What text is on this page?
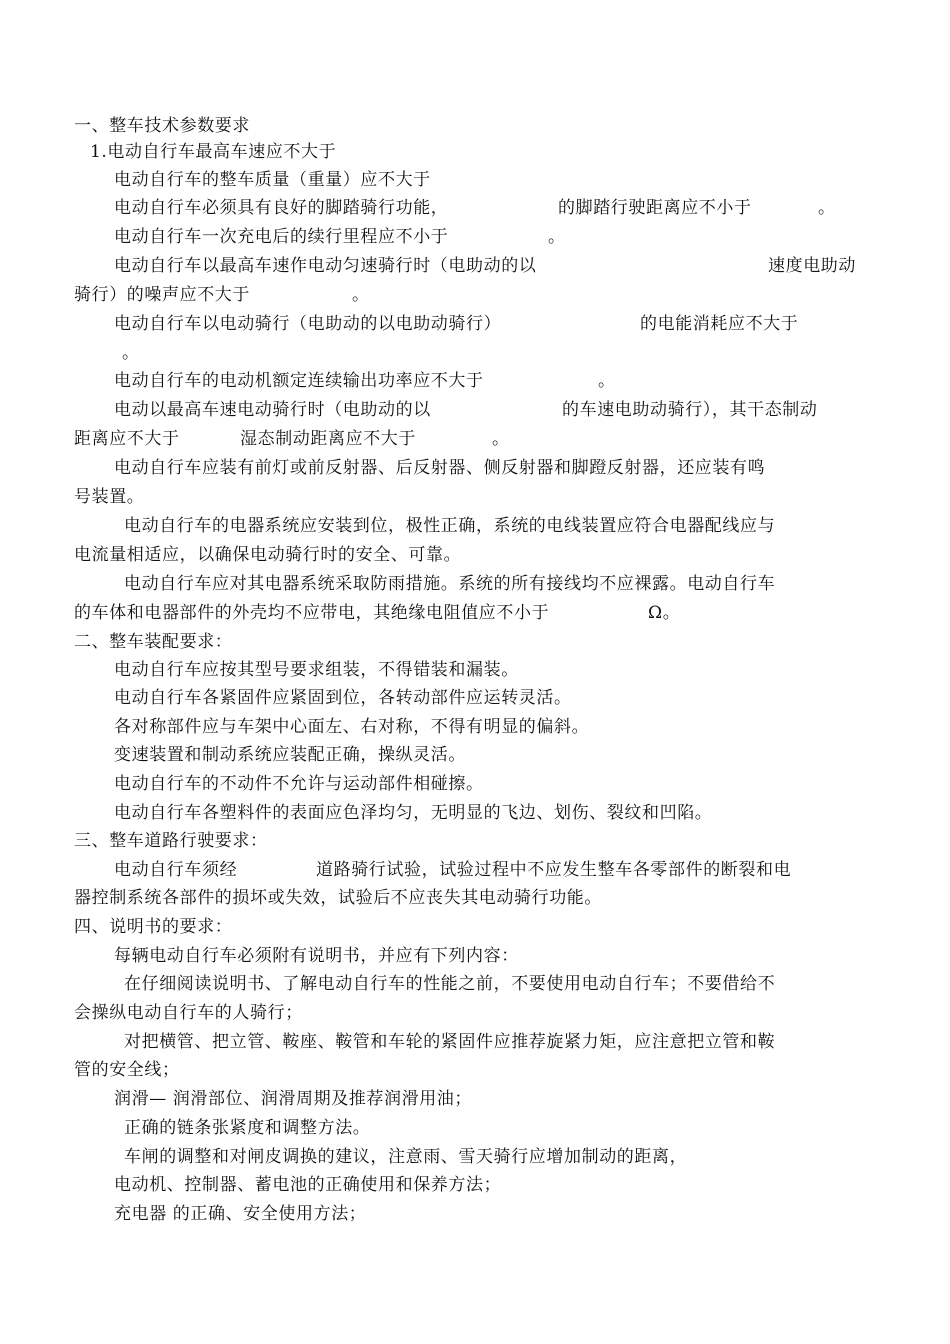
一、整车技术参数要求
1.电动自行车最高车速应不大于
电动自行车的整车质量（重量）应不大于
电动自行车必须具有良好的脚踏骑行功能，	的脚踏行驶距离应不小于	。
电动自行车一次充电后的续行里程应不小于	。
电动自行车以最高车速作电动匀速骑行时（电助动的以	速度电助动
骑行）的噪声应不大于	。
电动自行车以电动骑行（电助动的以电助动骑行）	的电能消耗应不大于
。
电动自行车的电动机额定连续输出功率应不大于	。
电动以最高车速电动骑行时（电助动的以	的车速电助动骑行），其干态制动
距离应不大于	湿态制动距离应不大于	。
电动自行车应装有前灯或前反射器、后反射器、侧反射器和脚蹬反射器，还应装有鸣
号装置。
电动自行车的电器系统应安装到位，极性正确，系统的电线装置应符合电器配线应与
电流量相适应，以确保电动骑行时的安全、可靠。
电动自行车应对其电器系统采取防雨措施。系统的所有接线均不应裸露。电动自行车
的车体和电器部件的外壳均不应带电，其绝缘电阻值应不小于	Ω。
二、整车装配要求：
电动自行车应按其型号要求组装，不得错装和漏装。
电动自行车各紧固件应紧固到位，各转动部件应运转灵活。
各对称部件应与车架中心面左、右对称，不得有明显的偏斜。
变速装置和制动系统应装配正确，操纵灵活。
电动自行车的不动件不允许与运动部件相碰擦。
电动自行车各塑料件的表面应色泽均匀，无明显的飞边、划伤、裂纹和凹陷。
三、整车道路行驶要求：
电动自行车须经	道路骑行试验，试验过程中不应发生整车各零部件的断裂和电
器控制系统各部件的损坏或失效，试验后不应丧失其电动骑行功能。
四、说明书的要求：
每辆电动自行车必须附有说明书，并应有下列内容：
在仔细阅读说明书、了解电动自行车的性能之前，不要使用电动自行车；不要借给不
会操纵电动自行车的人骑行；
对把横管、把立管、鞍座、鞍管和车轮的紧固件应推荐旋紧力矩，应注意把立管和鞍
管的安全线；
润滑— 润滑部位、润滑周期及推荐润滑用油；
正确的链条张紧度和调整方法。
车闸的调整和对闸皮调换的建议，注意雨、雪天骑行应增加制动的距离，
电动机、控制器、蓄电池的正确使用和保养方法；
充电器 的正确、安全使用方法；
